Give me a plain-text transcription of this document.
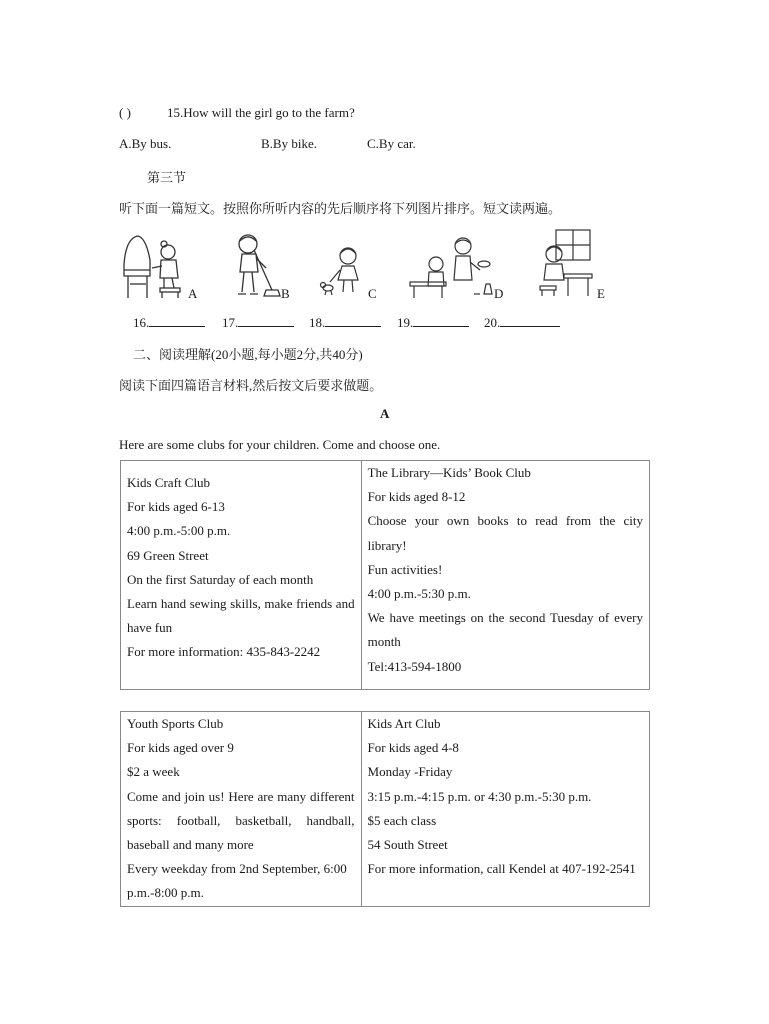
( )	15.How will the girl go to the farm?
A.By bus.	B.By bike.	C.By car.
第三节
听下面一篇短文。按照你所听内容的先后顺序将下列图片排序。短文读两遍。
A	B	C	D	E
16.	17.	18.	19.	20.
二、阅读理解(20小题,每小题2分,共40分)
阅读下面四篇语言材料,然后按文后要求做题。
A
Here are some clubs for your children. Come and choose one.
Kids Craft Club
For kids aged 6-13
4:00 p.m.-5:00 p.m.
69 Green Street
On the first Saturday of each month
Learn hand sewing skills, make friends and have fun
For more information: 435-843-2242

The Library—Kids’ Book Club
For kids aged 8-12
Choose your own books to read from the city library!
Fun activities!
4:00 p.m.-5:30 p.m.
We have meetings on the second Tuesday of every month
Tel:413-594-1800
Youth Sports Club
For kids aged over 9
$2 a week
Come and join us! Here are many different sports: football, basketball, handball, baseball and many more
Every weekday from 2nd September, 6:00 p.m.-8:00 p.m.

Kids Art Club
For kids aged 4-8
Monday -Friday
3:15 p.m.-4:15 p.m. or 4:30 p.m.-5:30 p.m.
$5 each class
54 South Street
For more information, call Kendel at 407-192-2541
